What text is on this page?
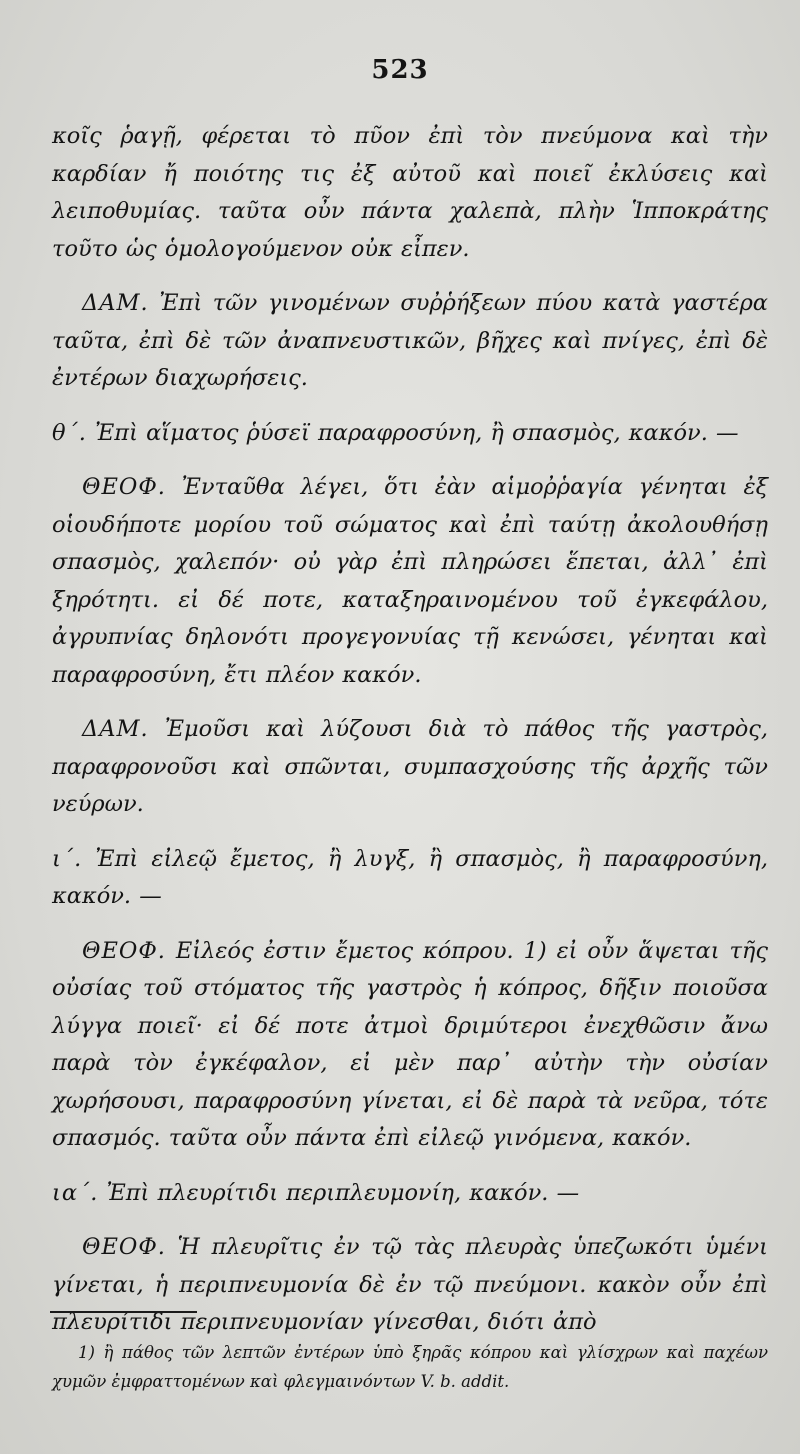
523

κοῖς ῥαγῇ, φέρεται τὸ πῦον ἐπὶ τὸν πνεύμονα καὶ τὴν καρδίαν ἤ ποιότης τις ἐξ αὐτοῦ καὶ ποιεῖ ἐκλύσεις καὶ λειποθυμίας. ταῦτα οὖν πάντα χαλεπὰ, πλὴν Ἱπποκράτης τοῦτο ὡς ὁμολογούμενον οὐκ εἶπεν.

ΔΑΜ. Ἐπὶ τῶν γινομένων συῤῥήξεων πύου κατὰ γαστέρα ταῦτα, ἐπὶ δὲ τῶν ἀναπνευστικῶν, βῆχες καὶ πνίγες, ἐπὶ δὲ ἐντέρων διαχωρήσεις.

θ΄. Ἐπὶ αἵματος ῥύσεϊ παραφροσύνη, ἢ σπασμὸς, κακόν. —

ΘΕΟΦ. Ἐνταῦθα λέγει, ὅτι ἐὰν αἱμοῤῥαγία γένηται ἐξ οἱουδήποτε μορίου τοῦ σώματος καὶ ἐπὶ ταύτῃ ἀκολουθήσῃ σπασμὸς, χαλεπόν· οὐ γὰρ ἐπὶ πληρώσει ἕπεται, ἀλλ᾽ ἐπὶ ξηρότητι. εἰ δέ ποτε, καταξηραινομένου τοῦ ἐγκεφάλου, ἀγρυπνίας δηλονότι προγεγονυίας τῇ κενώσει, γένηται καὶ παραφροσύνη, ἔτι πλέον κακόν.

ΔΑΜ. Ἐμοῦσι καὶ λύζουσι διὰ τὸ πάθος τῆς γαστρὸς, παραφρονοῦσι καὶ σπῶνται, συμπασχούσης τῆς ἀρχῆς τῶν νεύρων.

ι΄. Ἐπὶ εἰλεῷ ἔμετος, ἢ λυγξ, ἢ σπασμὸς, ἢ παραφροσύνη, κακόν. —

ΘΕΟΦ. Εἰλεός ἐστιν ἔμετος κόπρου. 1) εἰ οὖν ἅψεται τῆς οὐσίας τοῦ στόματος τῆς γαστρὸς ἡ κόπρος, δῆξιν ποιοῦσα λύγγα ποιεῖ· εἰ δέ ποτε ἀτμοὶ δριμύτεροι ἐνεχθῶσιν ἄνω παρὰ τὸν ἐγκέφαλον, εἰ μὲν παρ᾽ αὐτὴν τὴν οὐσίαν χωρήσουσι, παραφροσύνη γίνεται, εἰ δὲ παρὰ τὰ νεῦρα, τότε σπασμός. ταῦτα οὖν πάντα ἐπὶ εἰλεῷ γινόμενα, κακόν.

ια΄. Ἐπὶ πλευρίτιδι περιπλευμονίη, κακόν. —

ΘΕΟΦ. Ἡ πλευρῖτις ἐν τῷ τὰς πλευρὰς ὑπεζωκότι ὑμένι γίνεται, ἡ περιπνευμονία δὲ ἐν τῷ πνεύμονι. κακὸν οὖν ἐπὶ πλευρίτιδι περιπνευμονίαν γίνεσθαι, διότι ἀπὸ

1) ἢ πάθος τῶν λεπτῶν ἐντέρων ὑπὸ ξηρᾶς κόπρου καὶ γλίσχρων καὶ παχέων χυμῶν ἐμφραττομένων καὶ φλεγμαινόντων V. b. addit.
